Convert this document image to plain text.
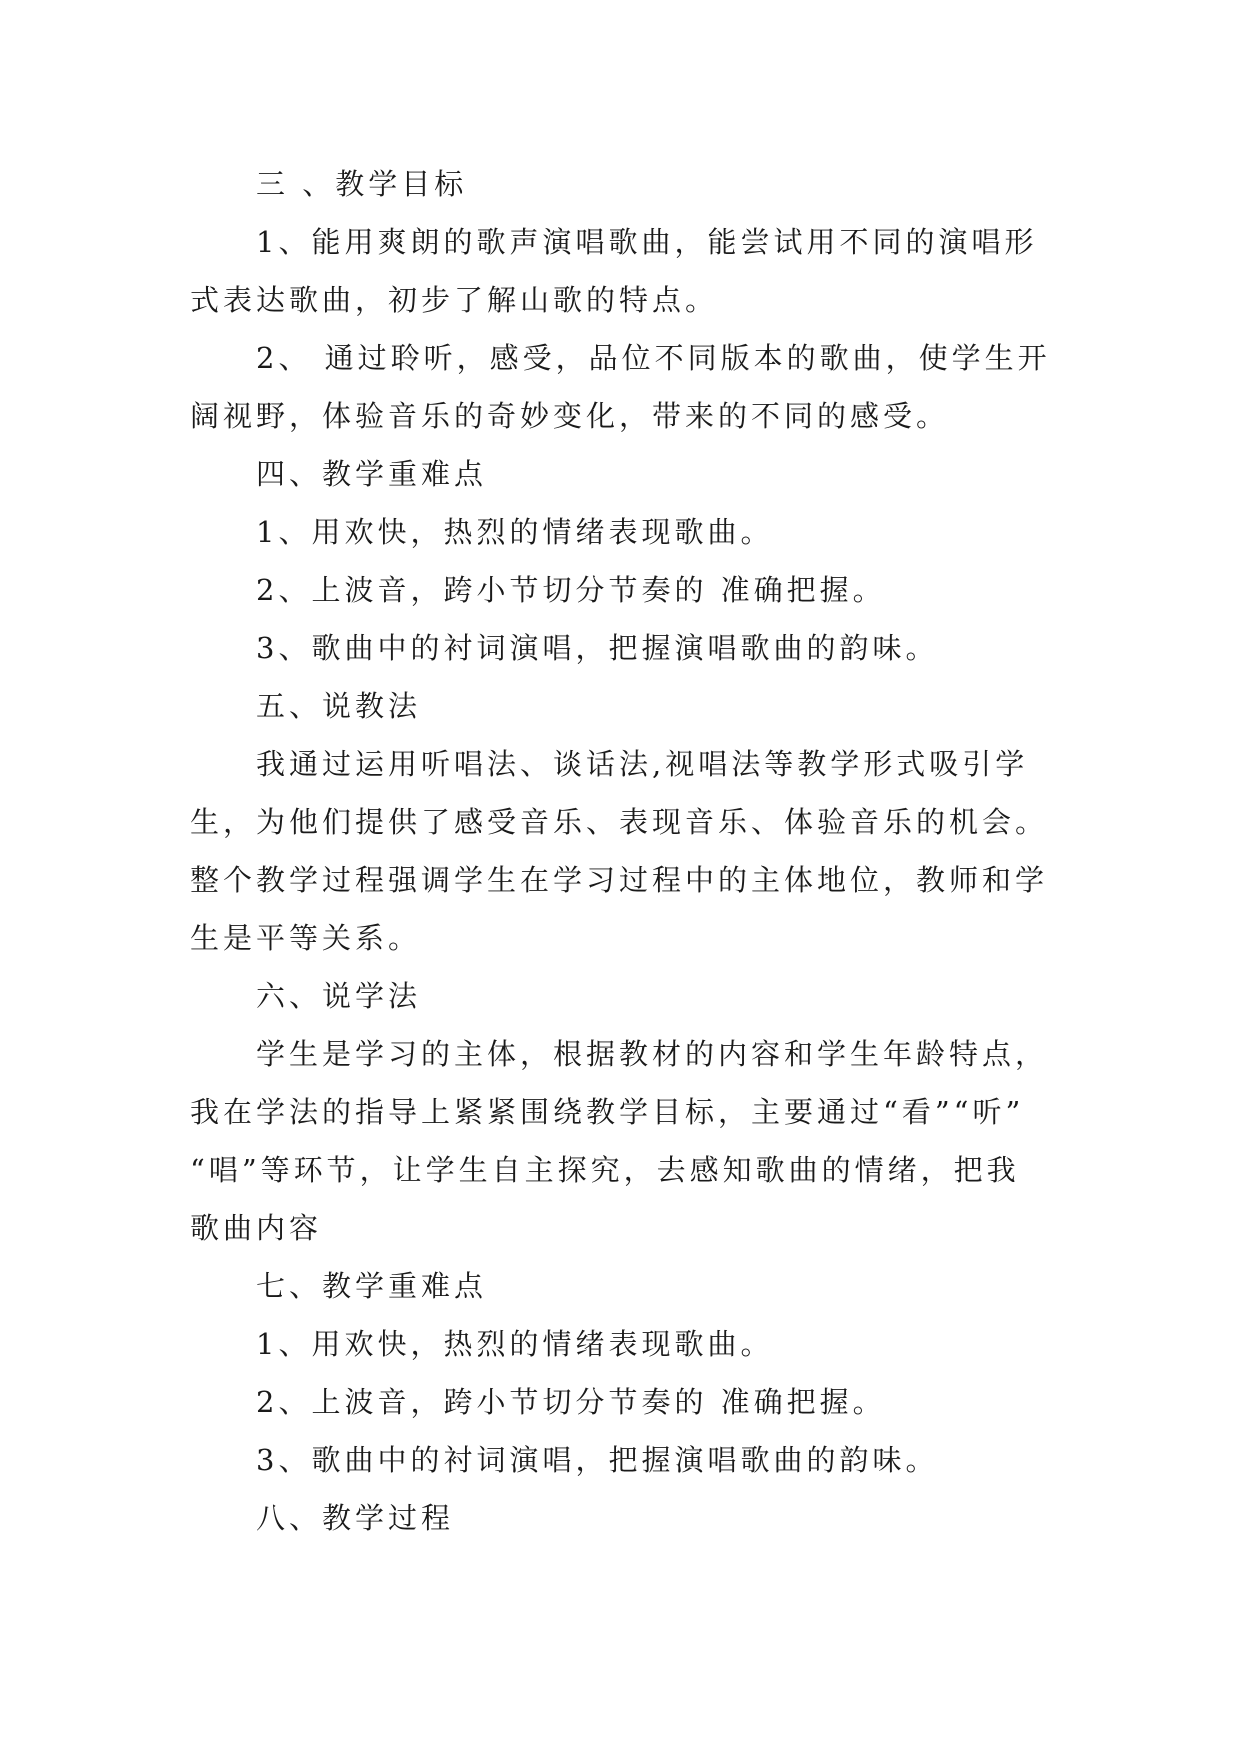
三 、教学目标
1、能用爽朗的歌声演唱歌曲，能尝试用不同的演唱形
式表达歌曲，初步了解山歌的特点。
2、 通过聆听，感受，品位不同版本的歌曲，使学生开
阔视野，体验音乐的奇妙变化，带来的不同的感受。
四、教学重难点
1、用欢快，热烈的情绪表现歌曲。
2、上波音，跨小节切分节奏的 准确把握。
3、歌曲中的衬词演唱，把握演唱歌曲的韵味。
五、说教法
我通过运用听唱法、谈话法,视唱法等教学形式吸引学
生，为他们提供了感受音乐、表现音乐、体验音乐的机会。
整个教学过程强调学生在学习过程中的主体地位，教师和学
生是平等关系。
六、说学法
学生是学习的主体，根据教材的内容和学生年龄特点，
我在学法的指导上紧紧围绕教学目标，主要通过“看”“听”
“唱”等环节，让学生自主探究，去感知歌曲的情绪，把我
歌曲内容
七、教学重难点
1、用欢快，热烈的情绪表现歌曲。
2、上波音，跨小节切分节奏的 准确把握。
3、歌曲中的衬词演唱，把握演唱歌曲的韵味。
八、教学过程
